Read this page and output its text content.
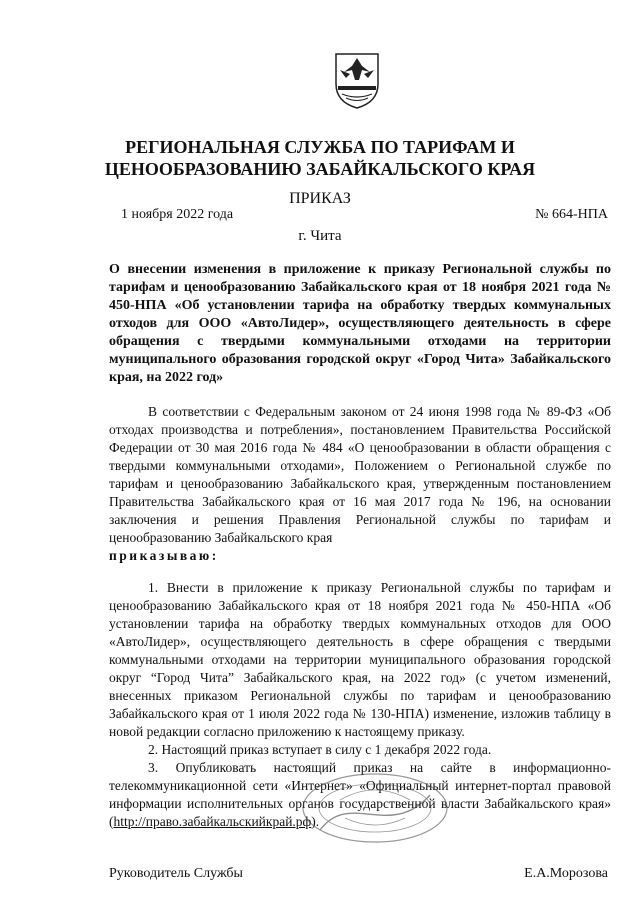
РЕГИОНАЛЬНАЯ СЛУЖБА ПО ТАРИФАМ И
ЦЕНООБРАЗОВАНИЮ ЗАБАЙКАЛЬСКОГО КРАЯ
ПРИКАЗ
1 ноября 2022 года	№ 664-НПА
г. Чита
О внесении изменения в приложение к приказу Региональной службы по тарифам и ценообразованию Забайкальского края от 18 ноября 2021 года № 450-НПА «Об установлении тарифа на обработку твердых коммунальных отходов для ООО «АвтоЛидер», осуществляющего деятельность в сфере обращения с твердыми коммунальными отходами на территории муниципального образования городской округ «Город Чита» Забайкальского края, на 2022 год»

В соответствии с Федеральным законом от 24 июня 1998 года № 89-ФЗ «Об отходах производства и потребления», постановлением Правительства Российской Федерации от 30 мая 2016 года № 484 «О ценообразовании в области обращения с твердыми коммунальными отходами», Положением о Региональной службе по тарифам и ценообразованию Забайкальского края, утвержденным постановлением Правительства Забайкальского края от 16 мая 2017 года № 196, на основании заключения и решения Правления Региональной службы по тарифам и ценообразованию Забайкальского края

приказываю:

1. Внести в приложение к приказу Региональной службы по тарифам и ценообразованию Забайкальского края от 18 ноября 2021 года № 450-НПА «Об установлении тарифа на обработку твердых коммунальных отходов для ООО «АвтоЛидер», осуществляющего деятельность в сфере обращения с твердыми коммунальными отходами на территории муниципального образования городской округ “Город Чита” Забайкальского края, на 2022 год» (с учетом изменений, внесенных приказом Региональной службы по тарифам и ценообразованию Забайкальского края от 1 июля 2022 года № 130-НПА) изменение, изложив таблицу в новой редакции согласно приложению к настоящему приказу.

2. Настоящий приказ вступает в силу с 1 декабря 2022 года.

3. Опубликовать настоящий приказ на сайте в информационно-телекоммуникационной сети «Интернет» «Официальный интернет-портал правовой информации исполнительных органов государственной власти Забайкальского края» (http://право.забайкальскийкрай.рф).

Руководитель Службы	Е.А.Морозова
